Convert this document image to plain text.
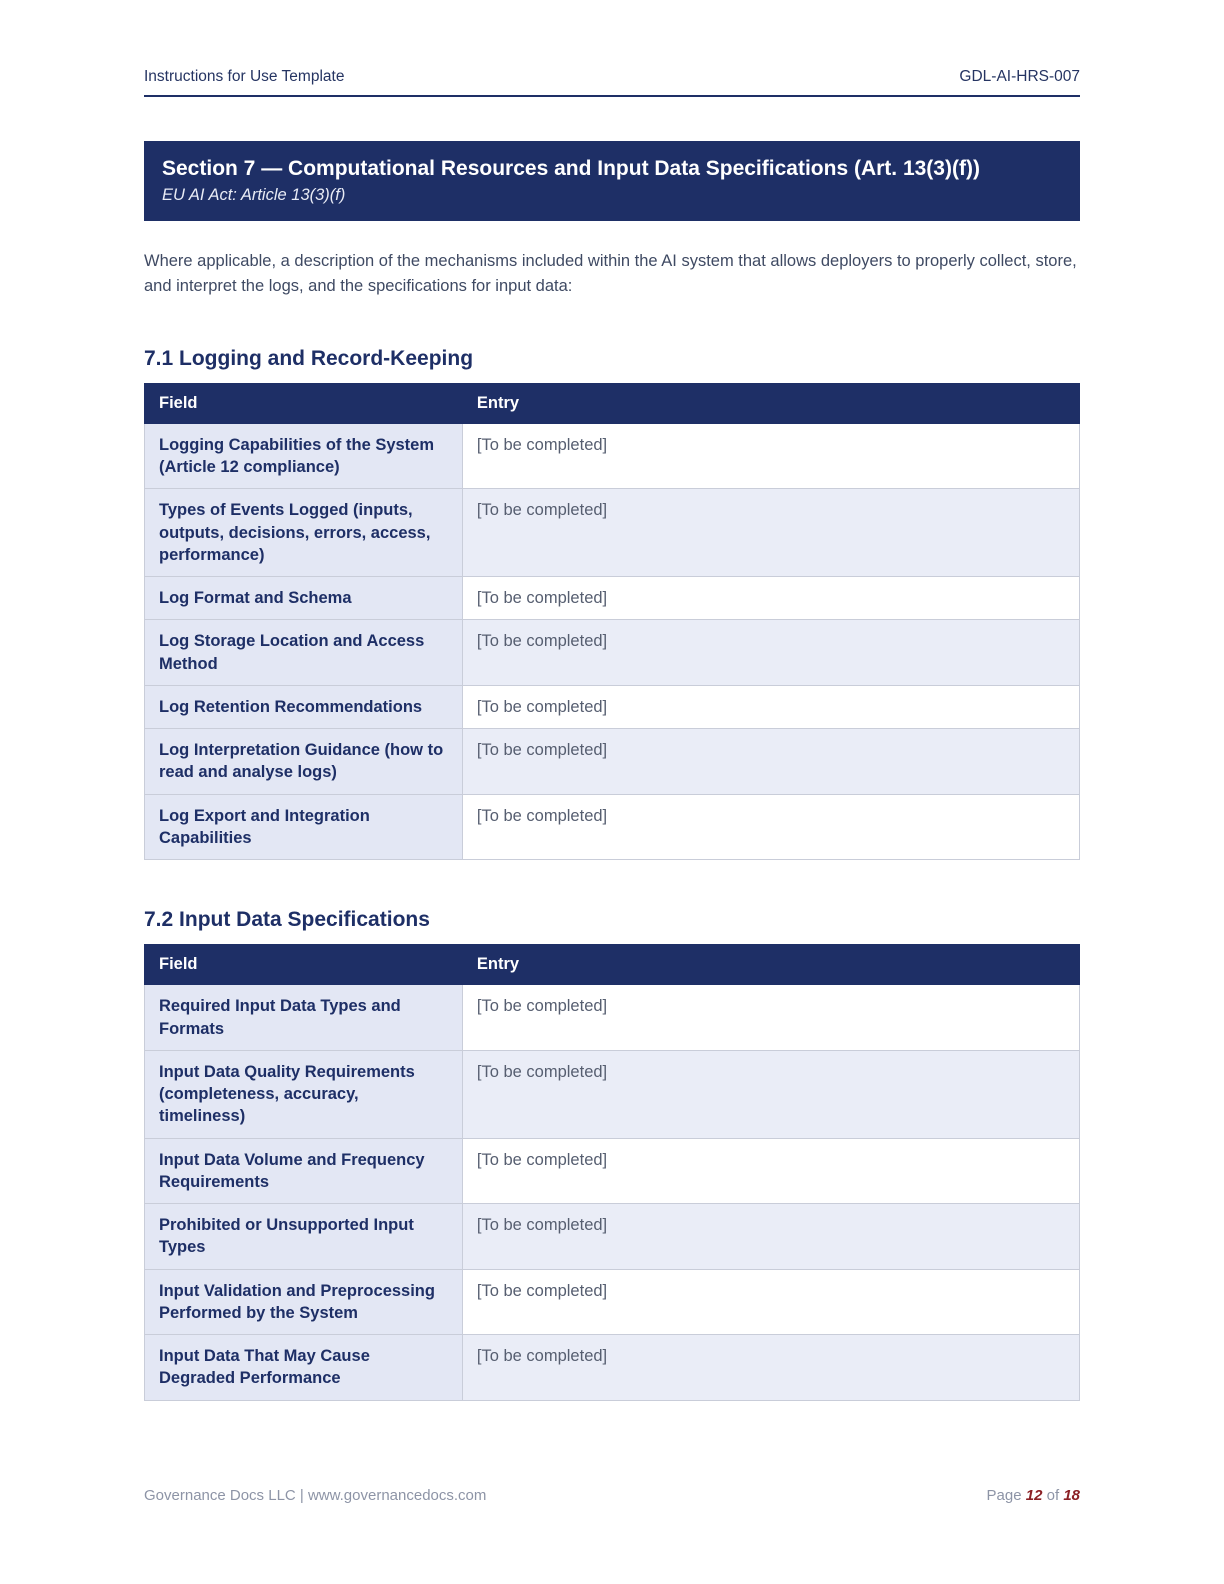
Instructions for Use Template	GDL-AI-HRS-007
Section 7 — Computational Resources and Input Data Specifications (Art. 13(3)(f))
EU AI Act: Article 13(3)(f)

Where applicable, a description of the mechanisms included within the AI system that allows deployers to properly collect, store, and interpret the logs, and the specifications for input data:

7.1 Logging and Record-Keeping
Field	Entry
Logging Capabilities of the System (Article 12 compliance)	[To be completed]
Types of Events Logged (inputs, outputs, decisions, errors, access, performance)	[To be completed]
Log Format and Schema	[To be completed]
Log Storage Location and Access Method	[To be completed]
Log Retention Recommendations	[To be completed]
Log Interpretation Guidance (how to read and analyse logs)	[To be completed]
Log Export and Integration Capabilities	[To be completed]
7.2 Input Data Specifications
Field	Entry
Required Input Data Types and Formats	[To be completed]
Input Data Quality Requirements (completeness, accuracy, timeliness)	[To be completed]
Input Data Volume and Frequency Requirements	[To be completed]
Prohibited or Unsupported Input Types	[To be completed]
Input Validation and Preprocessing Performed by the System	[To be completed]
Input Data That May Cause Degraded Performance	[To be completed]
Governance Docs LLC | www.governancedocs.com	Page 12 of 18
